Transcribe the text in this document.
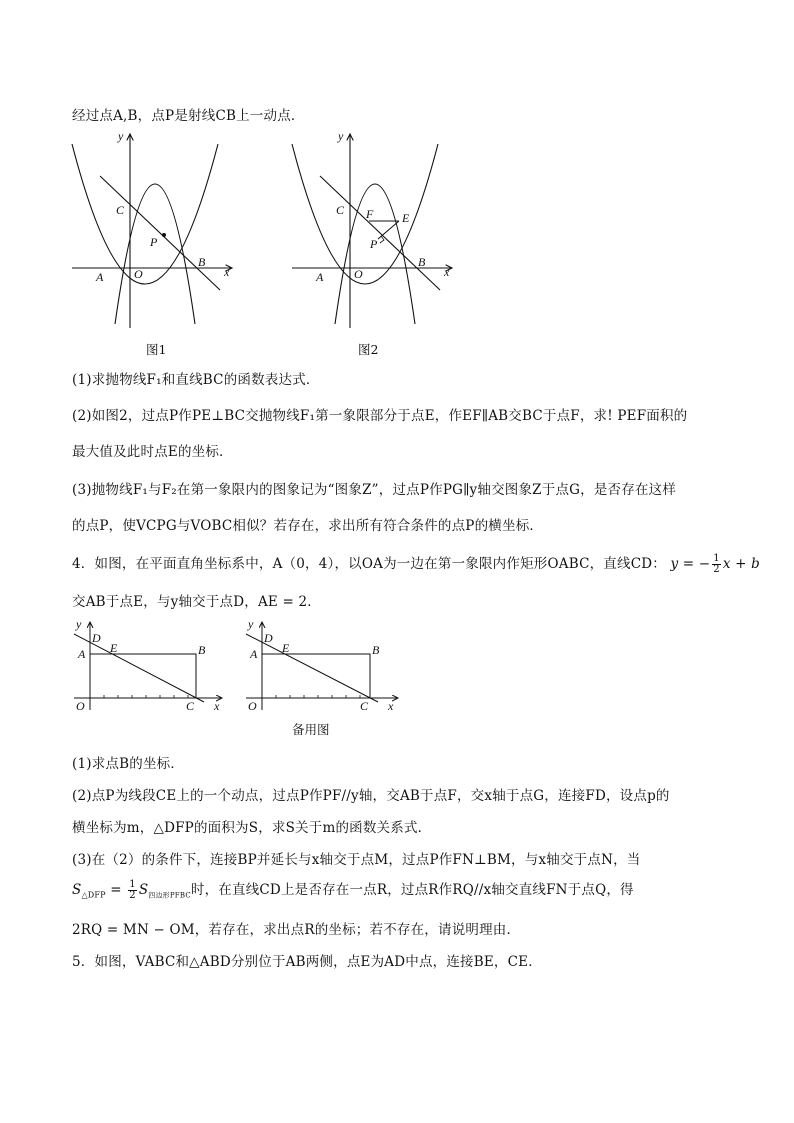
经过点A,B，点P是射线CB上一动点．
y
x
C
P
A	O
B
图1
y
x
C F E
P
A	O
B
图2
(1)求抛物线F₁和直线BC的函数表达式．
(2)如图2，过点P作PE⊥BC交抛物线F₁第一象限部分于点E，作EF∥AB交BC于点F，求! PEF面积的
最大值及此时点E的坐标．
(3)抛物线F₁与F₂在第一象限内的图象记为“图象Z”，过点P作PG∥y轴交图象Z于点G，是否存在这样
的点P，使VCPG与VOBC相似？若存在，求出所有符合条件的点P的横坐标．
4．如图，在平面直角坐标系中，A（0，4），以OA为一边在第一象限内作矩形OABC，直线CD： y = − $\frac{1}{2}$ x + b
交AB于点E，与y轴交于点D，AE = 2．
y
D
E
A	B
O	C x
y
D
E
A	B
O	C x
备用图
(1)求点B的坐标．
(2)点P为线段CE上的一个动点，过点P作PF//y轴，交AB于点F，交x轴于点G，连接FD，设点p的
横坐标为m，△DFP的面积为S，求S关于m的函数关系式．
(3)在（2）的条件下，连接BP并延长与x轴交于点M，过点P作FN⊥BM，与x轴交于点N，当
$S_{\triangle DFP} = \frac{1}{2} S_{四边形PFBC}$时，在直线CD上是否存在一点R，过点R作RQ//x轴交直线FN于点Q，得
2RQ = MN − OM，若存在，求出点R的坐标；若不存在，请说明理由．
5．如图，VABC和△ABD分别位于AB两侧，点E为AD中点，连接BE，CE．
